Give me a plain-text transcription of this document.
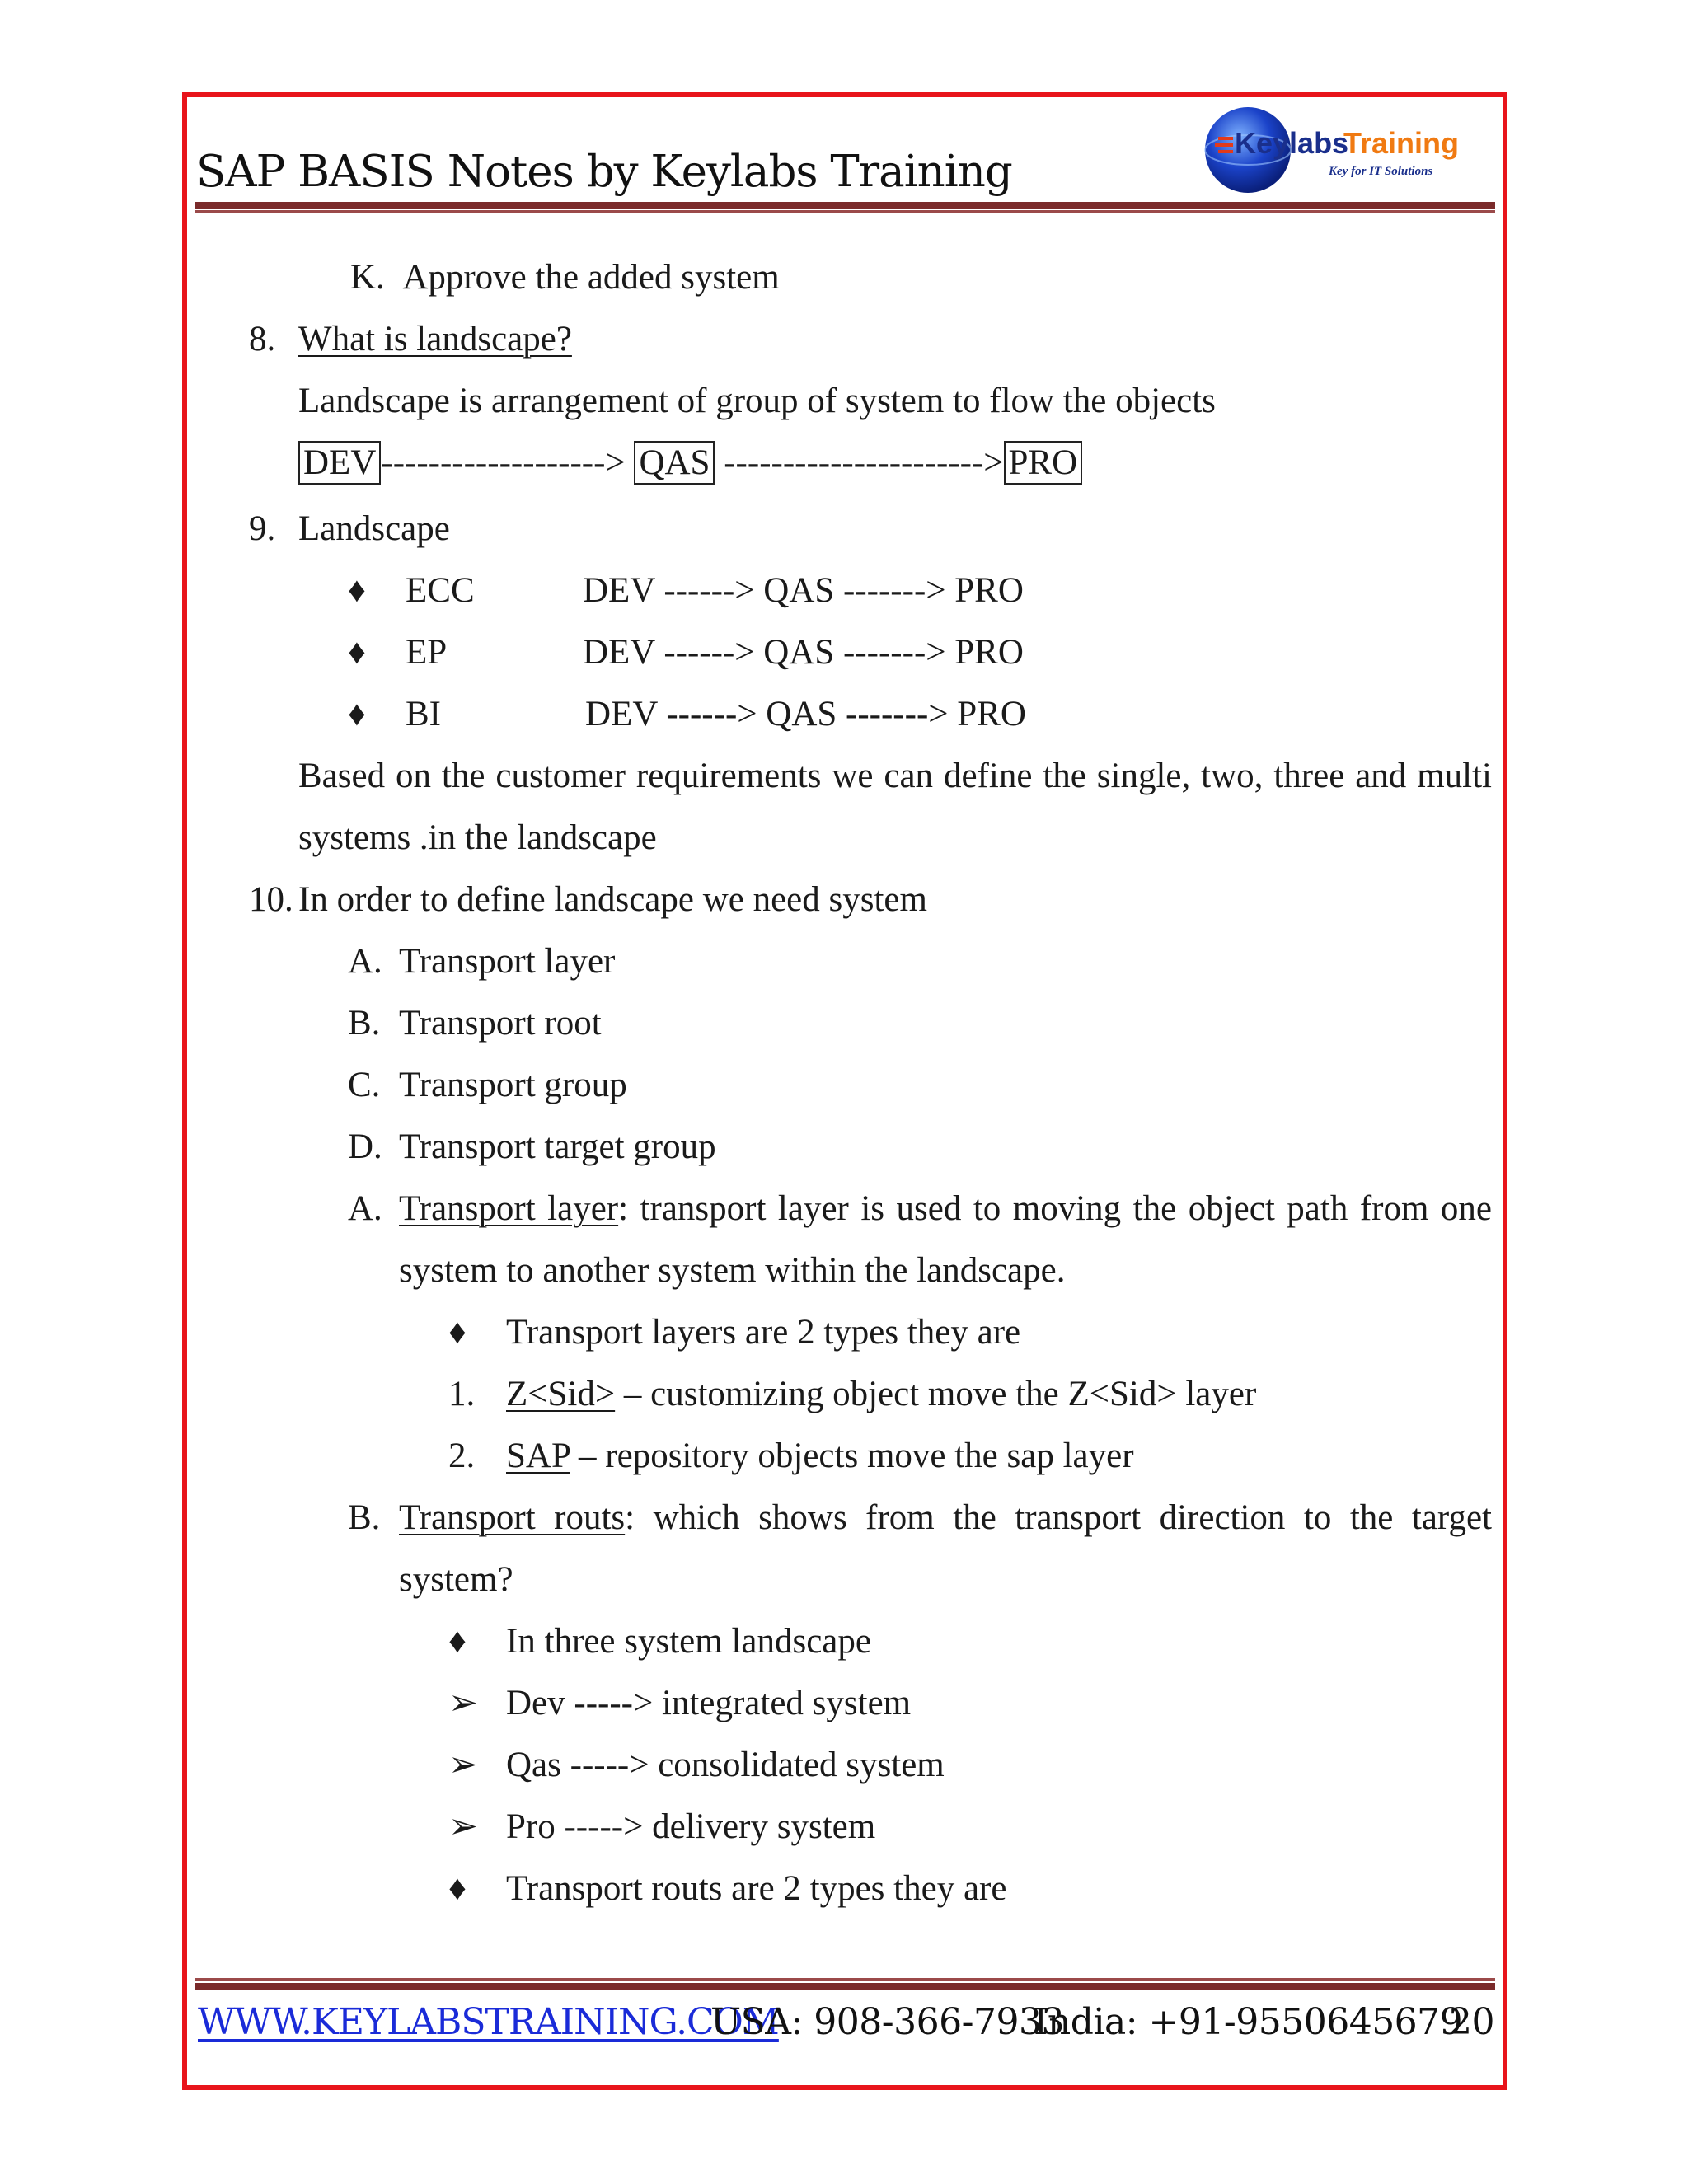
SAP BASIS Notes by Keylabs Training
Keylabs
Training
Key for IT Solutions
K. Approve the added system
8. What is landscape?
Landscape is arrangement of group of system to flow the objects
DEV -------------------> QAS ----------------------> PRO
9. Landscape
♦ ECC	DEV ------> QAS -------> PRO
♦ EP	DEV ------> QAS -------> PRO
♦ BI	DEV ------> QAS -------> PRO
Based on the customer requirements we can define the single, two, three and multi
systems .in the landscape
10. In order to define landscape we need system
A. Transport layer
B. Transport root
C. Transport group
D. Transport target group
A. Transport layer: transport layer is used to moving the object path from one
system to another system within the landscape.
♦ Transport layers are 2 types they are
1. Z<Sid> – customizing object move the Z<Sid> layer
2. SAP – repository objects move the sap layer
B. Transport routs: which shows from the transport direction to the target
system?
♦ In three system landscape
➢ Dev -----> integrated system
➢ Qas -----> consolidated system
➢ Pro -----> delivery system
♦ Transport routs are 2 types they are
WWW.KEYLABSTRAINING.COM
USA: 908-366-7933
India: +91-9550645679
20
